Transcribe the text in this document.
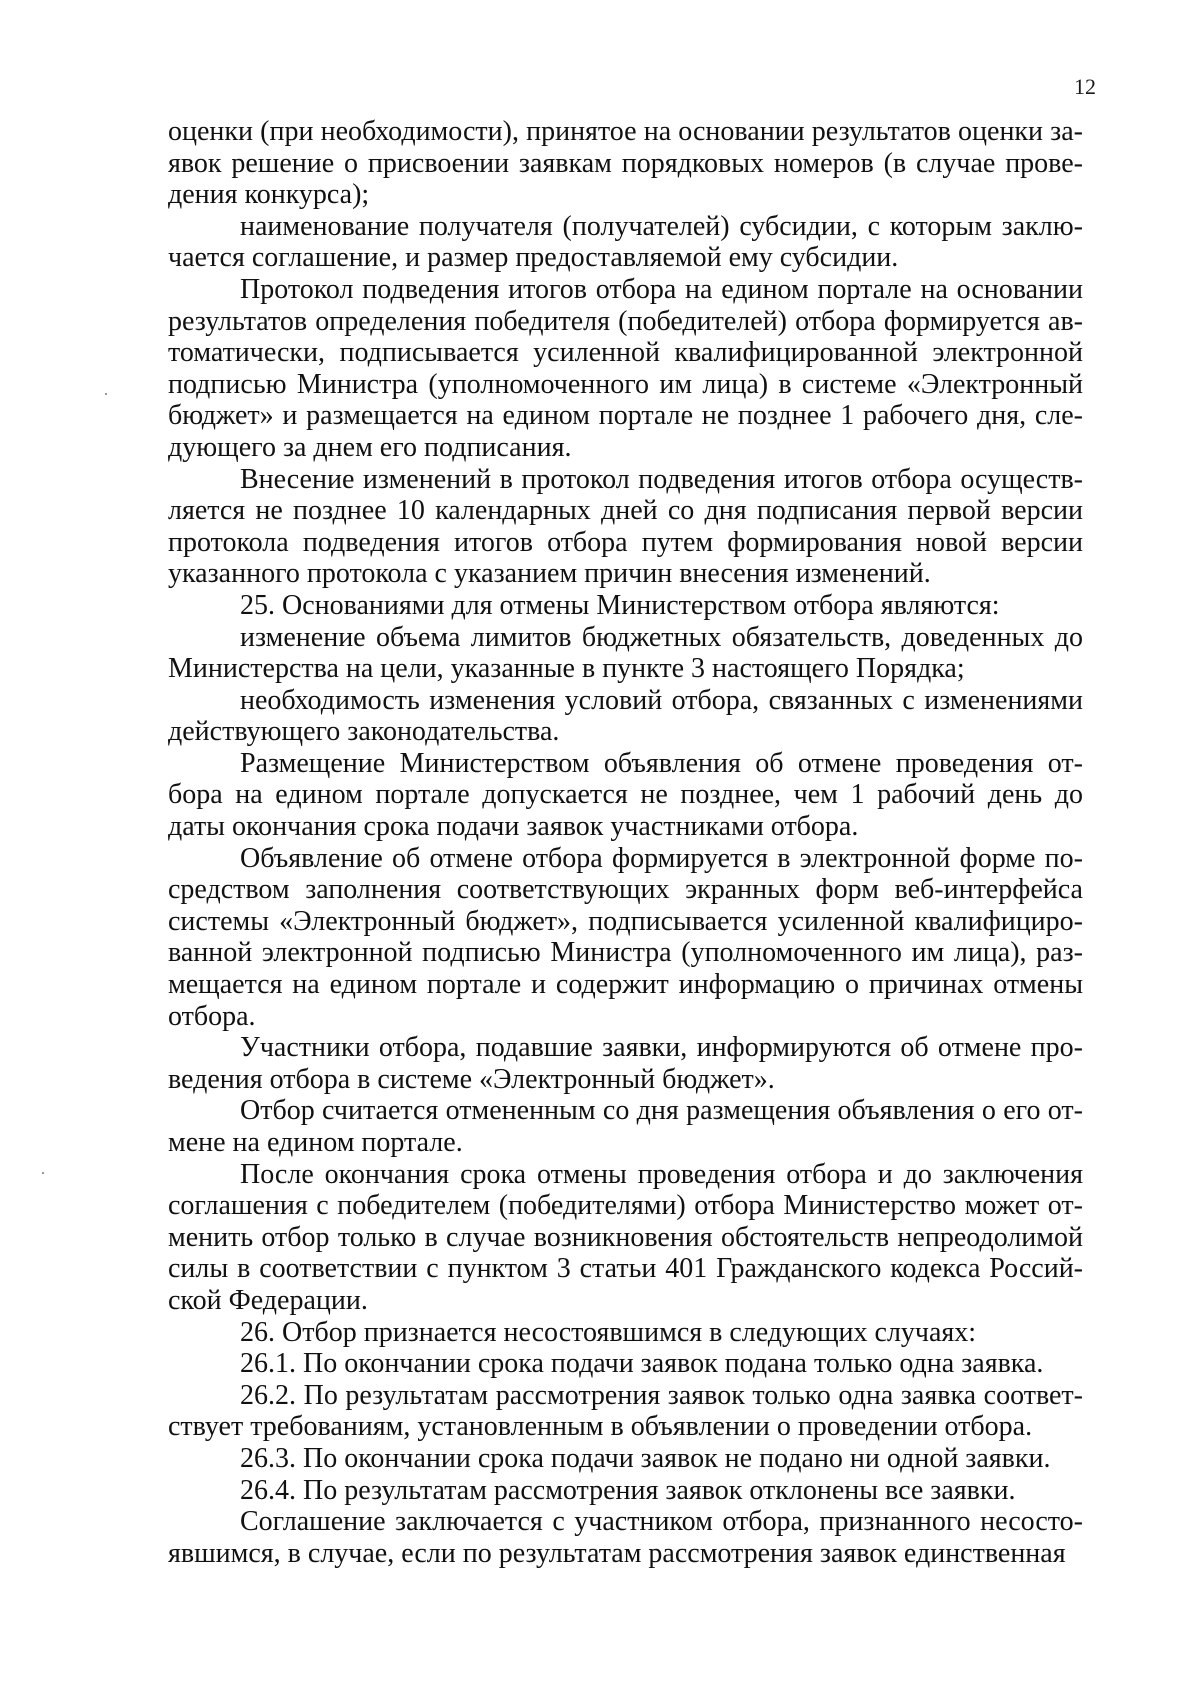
12

оценки (при необходимости), принятое на основании результатов оценки заявок решение о присвоении заявкам порядковых номеров (в случае проведения конкурса);

наименование получателя (получателей) субсидии, с которым заключается соглашение, и размер предоставляемой ему субсидии.

Протокол подведения итогов отбора на едином портале на основании результатов определения победителя (победителей) отбора формируется автоматически, подписывается усиленной квалифицированной электронной подписью Министра (уполномоченного им лица) в системе «Электронный бюджет» и размещается на едином портале не позднее 1 рабочего дня, следующего за днем его подписания.

Внесение изменений в протокол подведения итогов отбора осуществляется не позднее 10 календарных дней со дня подписания первой версии протокола подведения итогов отбора путем формирования новой версии указанного протокола с указанием причин внесения изменений.

25. Основаниями для отмены Министерством отбора являются:

изменение объема лимитов бюджетных обязательств, доведенных до Министерства на цели, указанные в пункте 3 настоящего Порядка;

необходимость изменения условий отбора, связанных с изменениями действующего законодательства.

Размещение Министерством объявления об отмене проведения отбора на едином портале допускается не позднее, чем 1 рабочий день до даты окончания срока подачи заявок участниками отбора.

Объявление об отмене отбора формируется в электронной форме посредством заполнения соответствующих экранных форм веб-интерфейса системы «Электронный бюджет», подписывается усиленной квалифицированной электронной подписью Министра (уполномоченного им лица), размещается на едином портале и содержит информацию о причинах отмены отбора.

Участники отбора, подавшие заявки, информируются об отмене проведения отбора в системе «Электронный бюджет».

Отбор считается отмененным со дня размещения объявления о его отмене на едином портале.

После окончания срока отмены проведения отбора и до заключения соглашения с победителем (победителями) отбора Министерство может отменить отбор только в случае возникновения обстоятельств непреодолимой силы в соответствии с пунктом 3 статьи 401 Гражданского кодекса Российской Федерации.

26. Отбор признается несостоявшимся в следующих случаях:

26.1. По окончании срока подачи заявок подана только одна заявка.

26.2. По результатам рассмотрения заявок только одна заявка соответствует требованиям, установленным в объявлении о проведении отбора.

26.3. По окончании срока подачи заявок не подано ни одной заявки.

26.4. По результатам рассмотрения заявок отклонены все заявки.

Соглашение заключается с участником отбора, признанного несостоявшимся, в случае, если по результатам рассмотрения заявок единственная
